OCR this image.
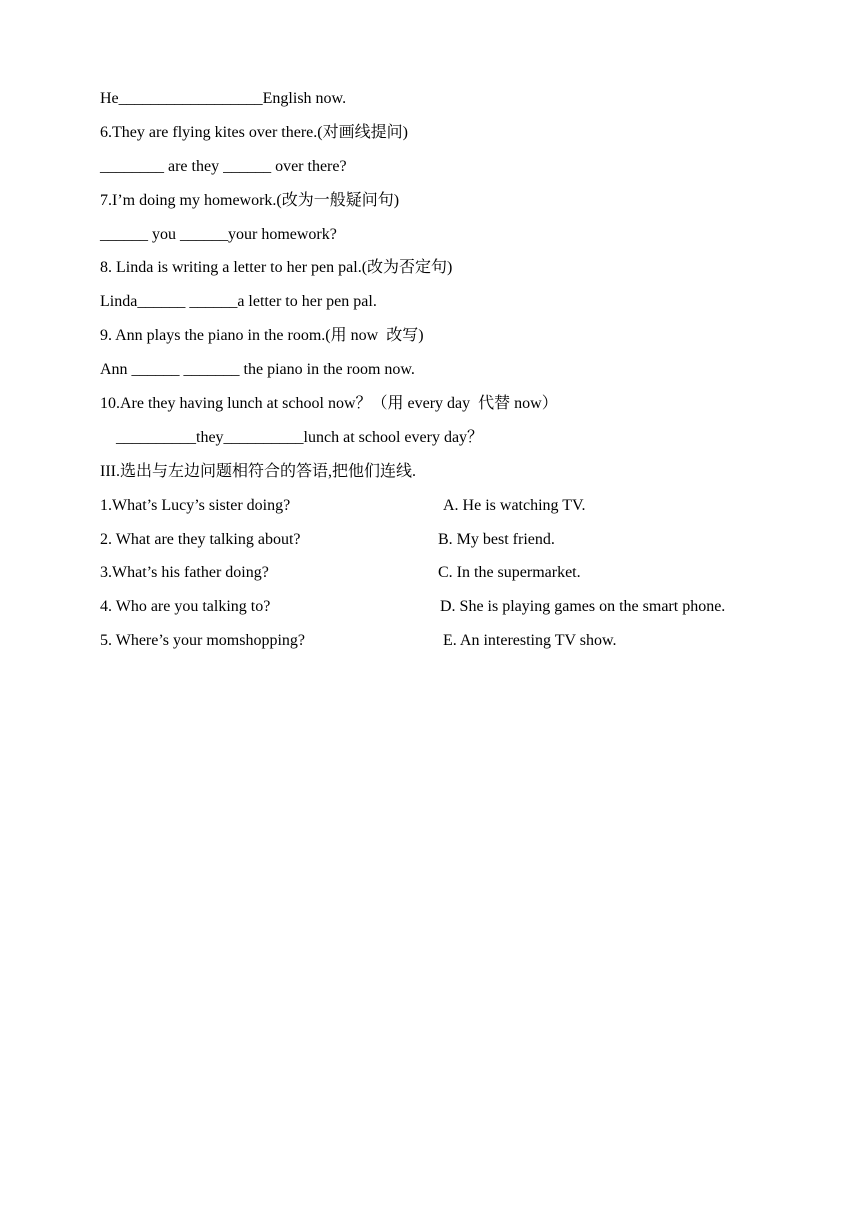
He__________________English now.
6.They are flying kites over there.(对画线提问)
________ are they ______ over there?
7.I’m doing my homework.(改为一般疑问句)
______ you ______your homework?
8. Linda is writing a letter to her pen pal.(改为否定句)
Linda______ ______a letter to her pen pal.
9. Ann plays the piano in the room.(用 now  改写)
Ann ______ _______ the piano in the room now.
10.Are they having lunch at school now？（用 every day  代替 now）
__________they__________lunch at school every day？
III.选出与左边问题相符合的答语,把他们连线.

1.What’s Lucy’s sister doing?

	A. He is watching TV.

2. What are they talking about?

	B. My best friend.

3.What’s his father doing?

	C. In the supermarket.

4. Who are you talking to?

	D. She is playing games on the smart phone.

5. Where’s your momshopping?

	E. An interesting TV show.
